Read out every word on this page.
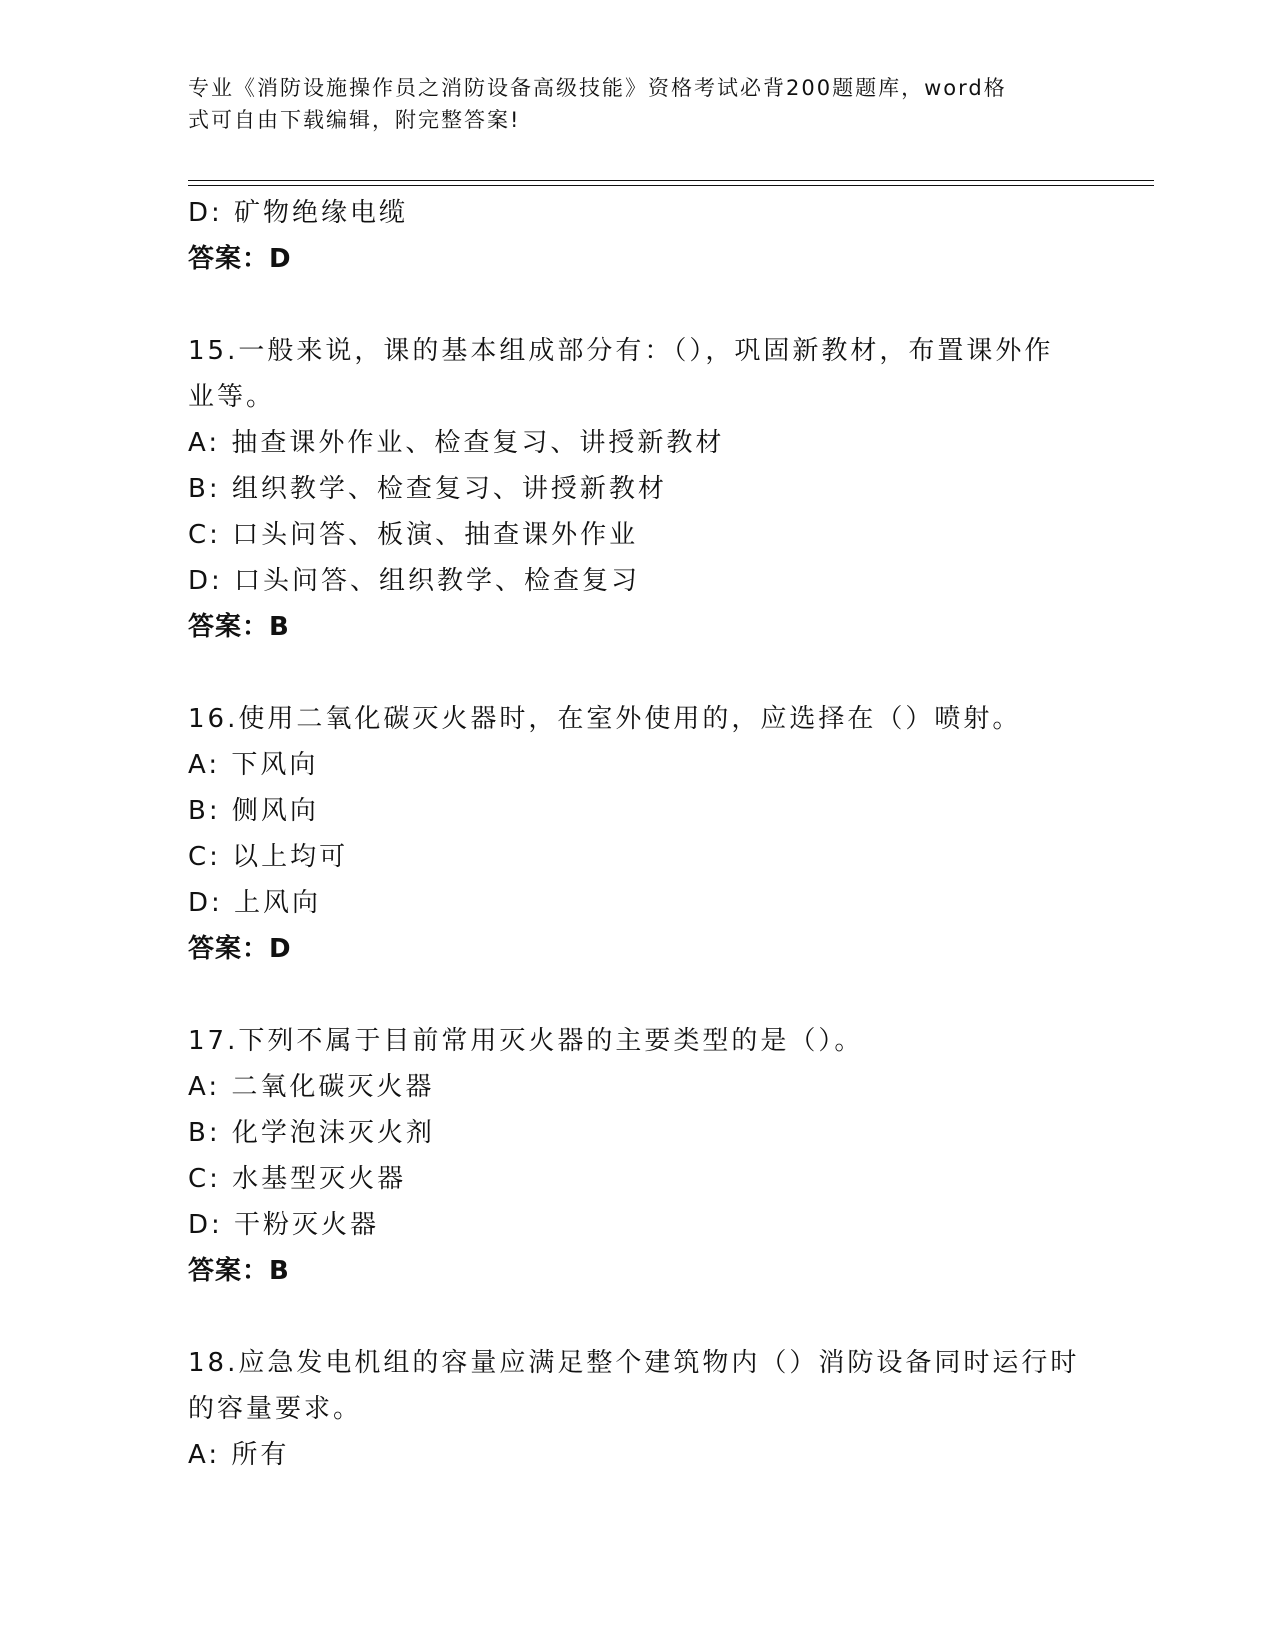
专业《消防设施操作员之消防设备高级技能》资格考试必背200题题库，word格
式可自由下载编辑，附完整答案!
D: 矿物绝缘电缆
答案：D
15.一般来说，课的基本组成部分有：（），巩固新教材，布置课外作
业等。
A: 抽查课外作业、检查复习、讲授新教材
B: 组织教学、检查复习、讲授新教材
C: 口头问答、板演、抽查课外作业
D: 口头问答、组织教学、检查复习
答案：B
16.使用二氧化碳灭火器时，在室外使用的，应选择在（）喷射。
A: 下风向
B: 侧风向
C: 以上均可
D: 上风向
答案：D
17.下列不属于目前常用灭火器的主要类型的是（）。
A: 二氧化碳灭火器
B: 化学泡沫灭火剂
C: 水基型灭火器
D: 干粉灭火器
答案：B
18.应急发电机组的容量应满足整个建筑物内（）消防设备同时运行时
的容量要求。
A: 所有
